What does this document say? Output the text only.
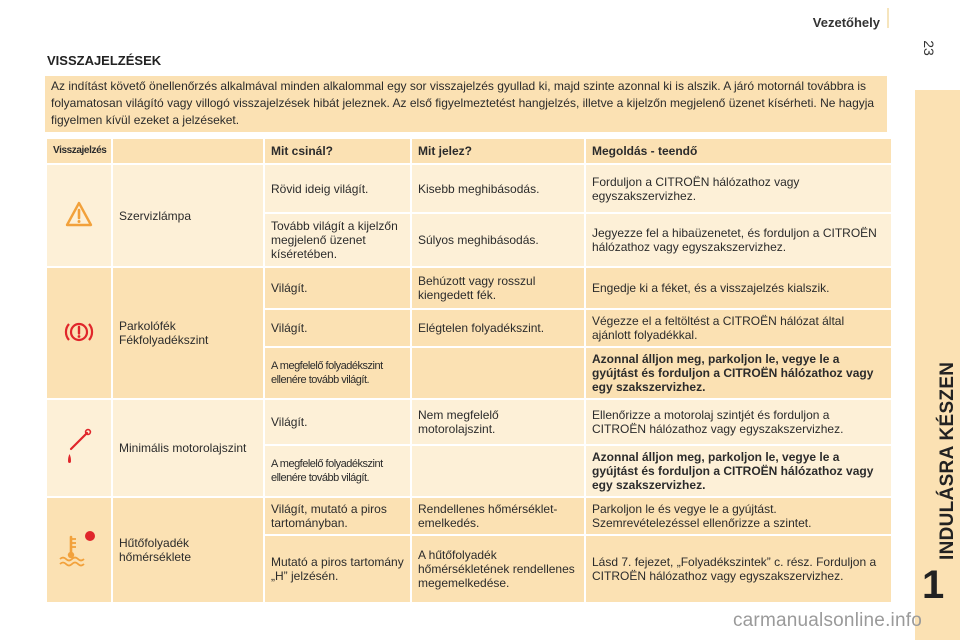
Vezetőhely
23
INDULÁSRA KÉSZEN
1
VISSZAJELZÉSEK
Az indítást követő önellenőrzés alkalmával minden alkalommal egy sor visszajelzés gyullad ki, majd szinte azonnal ki is alszik. A járó motornál továbbra is folyamatosan világító vagy villogó visszajelzések hibát jeleznek. Az első figyelmeztetést hangjelzés, illetve a kijelzőn megjelenő üzenet kísérheti. Ne hagyja figyelmen kívül ezeket a jelzéseket.
Visszajelzés		Mit csinál?	Mit jelez?	Megoldás - teendő
	Szervizlámpa	Rövid ideig világít.	Kisebb meghibásodás.	Forduljon a CITROËN hálózathoz vagy egyszakszervizhez.
		Tovább világít a kijelzőn megjelenő üzenet kíséretében.	Súlyos meghibásodás.	Jegyezze fel a hibaüzenetet, és forduljon a CITROËN hálózathoz vagy egyszakszervizhez.
	Parkolófék Fékfolyadékszint	Világít.	Behúzott vagy rosszul kiengedett fék.	Engedje ki a féket, és a visszajelzés kialszik.
		Világít.	Elégtelen folyadékszint.	Végezze el a feltöltést a CITROËN hálózat által ajánlott folyadékkal.
		A megfelelő folyadékszint ellenére tovább világít.		Azonnal álljon meg, parkoljon le, vegye le a gyújtást és forduljon a CITROËN hálózathoz vagy egy szakszervizhez.
	Minimális motorolajszint	Világít.	Nem megfelelő motorolajszint.	Ellenőrizze a motorolaj szintjét és forduljon a CITROËN hálózathoz vagy egyszakszervizhez.
		A megfelelő folyadékszint ellenére tovább világít.		Azonnal álljon meg, parkoljon le, vegye le a gyújtást és forduljon a CITROËN hálózathoz vagy egy szakszervizhez.
	Hűtőfolyadék hőmérséklete	Világít, mutató a piros tartományban.	Rendellenes hőmérséklet-emelkedés.	Parkoljon le és vegye le a gyújtást. Szemrevételezéssel ellenőrizze a szintet.
		Mutató a piros tartomány „H” jelzésén.	A hűtőfolyadék hőmérsékletének rendellenes megemelkedése.	Lásd 7. fejezet, „Folyadékszintek” c. rész. Forduljon a CITROËN hálózathoz vagy egyszakszervizhez.
carmanualsonline.info
